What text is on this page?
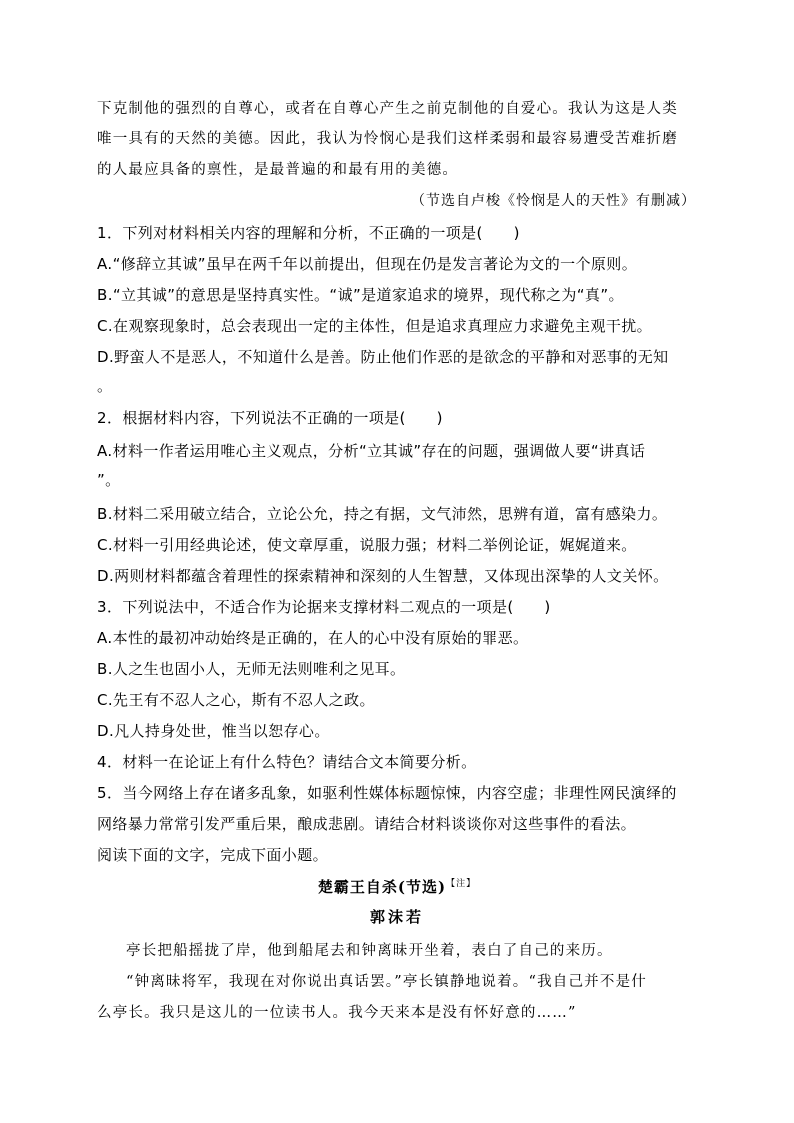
下克制他的强烈的自尊心，或者在自尊心产生之前克制他的自爱心。我认为这是人类
唯一具有的天然的美德。因此，我认为怜悯心是我们这样柔弱和最容易遭受苦难折磨
的人最应具备的禀性，是最普遍的和最有用的美德。
（节选自卢梭《怜悯是人的天性》有删减）
1．下列对材料相关内容的理解和分析，不正确的一项是(　　)
A.“修辞立其诚”虽早在两千年以前提出，但现在仍是发言著论为文的一个原则。
B.“立其诚”的意思是坚持真实性。“诚”是道家追求的境界，现代称之为“真”。
C.在观察现象时，总会表现出一定的主体性，但是追求真理应力求避免主观干扰。
D.野蛮人不是恶人，不知道什么是善。防止他们作恶的是欲念的平静和对恶事的无知
。
2．根据材料内容，下列说法不正确的一项是(　　)
A.材料一作者运用唯心主义观点，分析“立其诚”存在的问题，强调做人要“讲真话
”。
B.材料二采用破立结合，立论公允，持之有据，文气沛然，思辨有道，富有感染力。
C.材料一引用经典论述，使文章厚重，说服力强；材料二举例论证，娓娓道来。
D.两则材料都蕴含着理性的探索精神和深刻的人生智慧，又体现出深挚的人文关怀。
3．下列说法中，不适合作为论据来支撑材料二观点的一项是(　　)
A.本性的最初冲动始终是正确的，在人的心中没有原始的罪恶。
B.人之生也固小人，无师无法则唯利之见耳。
C.先王有不忍人之心，斯有不忍人之政。
D.凡人持身处世，惟当以恕存心。
4．材料一在论证上有什么特色？请结合文本简要分析。
5．当今网络上存在诸多乱象，如驱利性媒体标题惊悚，内容空虚；非理性网民演绎的
网络暴力常常引发严重后果，酿成悲剧。请结合材料谈谈你对这些事件的看法。
阅读下面的文字，完成下面小题。
楚霸王自杀(节选)$^{【注】}$
郭沫若
亭长把船摇拢了岸，他到船尾去和钟离昧开坐着，表白了自己的来历。
“钟离昧将军，我现在对你说出真话罢。”亭长镇静地说着。“我自己并不是什
么亭长。我只是这儿的一位读书人。我今天来本是没有怀好意的……”
